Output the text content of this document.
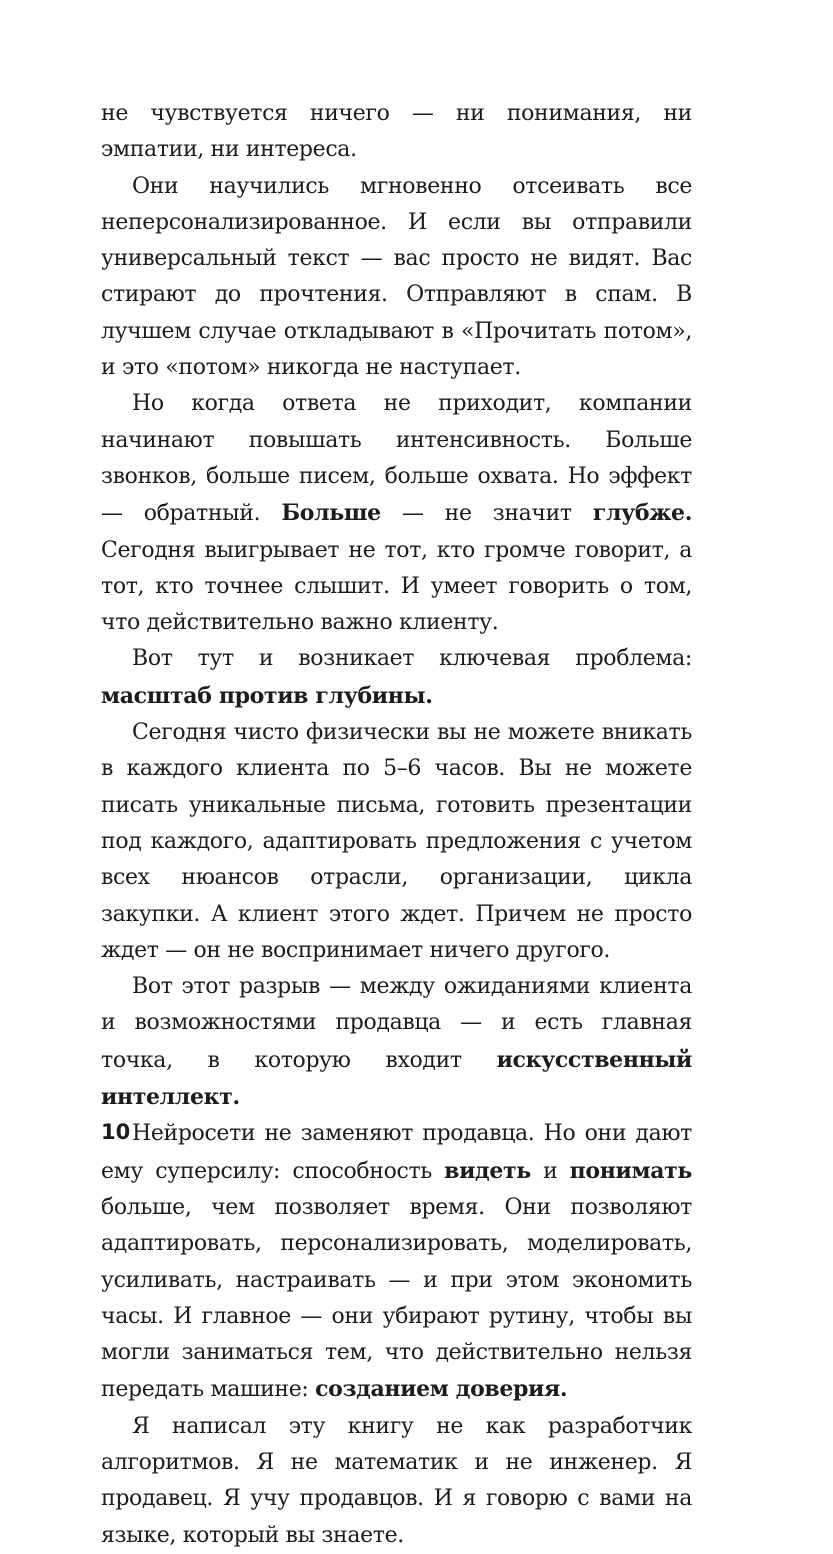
не чувствуется ничего — ни понимания, ни эмпатии, ни интереса.

Они научились мгновенно отсеивать все неперсонализированное. И если вы отправили универсальный текст — вас просто не видят. Вас стирают до прочтения. Отправляют в спам. В лучшем случае откладывают в «Прочитать потом», и это «потом» никогда не наступает.

Но когда ответа не приходит, компании начинают повышать интенсивность. Больше звонков, больше писем, больше охвата. Но эффект — обратный. Больше — не значит глубже. Сегодня выигрывает не тот, кто громче говорит, а тот, кто точнее слышит. И умеет говорить о том, что действительно важно клиенту.

Вот тут и возникает ключевая проблема: масштаб против глубины.

Сегодня чисто физически вы не можете вникать в каждого клиента по 5–6 часов. Вы не можете писать уникальные письма, готовить презентации под каждого, адаптировать предложения с учетом всех нюансов отрасли, организации, цикла закупки. А клиент этого ждет. Причем не просто ждет — он не воспринимает ничего другого.

Вот этот разрыв — между ожиданиями клиента и возможностями продавца — и есть главная точка, в которую входит искусственный интеллект.

Нейросети не заменяют продавца. Но они дают ему суперсилу: способность видеть и понимать больше, чем позволяет время. Они позволяют адаптировать, персонализировать, моделировать, усиливать, настраивать — и при этом экономить часы. И главное — они убирают рутину, чтобы вы могли заниматься тем, что действительно нельзя передать машине: созданием доверия.

Я написал эту книгу не как разработчик алгоритмов. Я не математик и не инженер. Я продавец. Я учу продавцов. И я говорю с вами на языке, который вы знаете.

10
